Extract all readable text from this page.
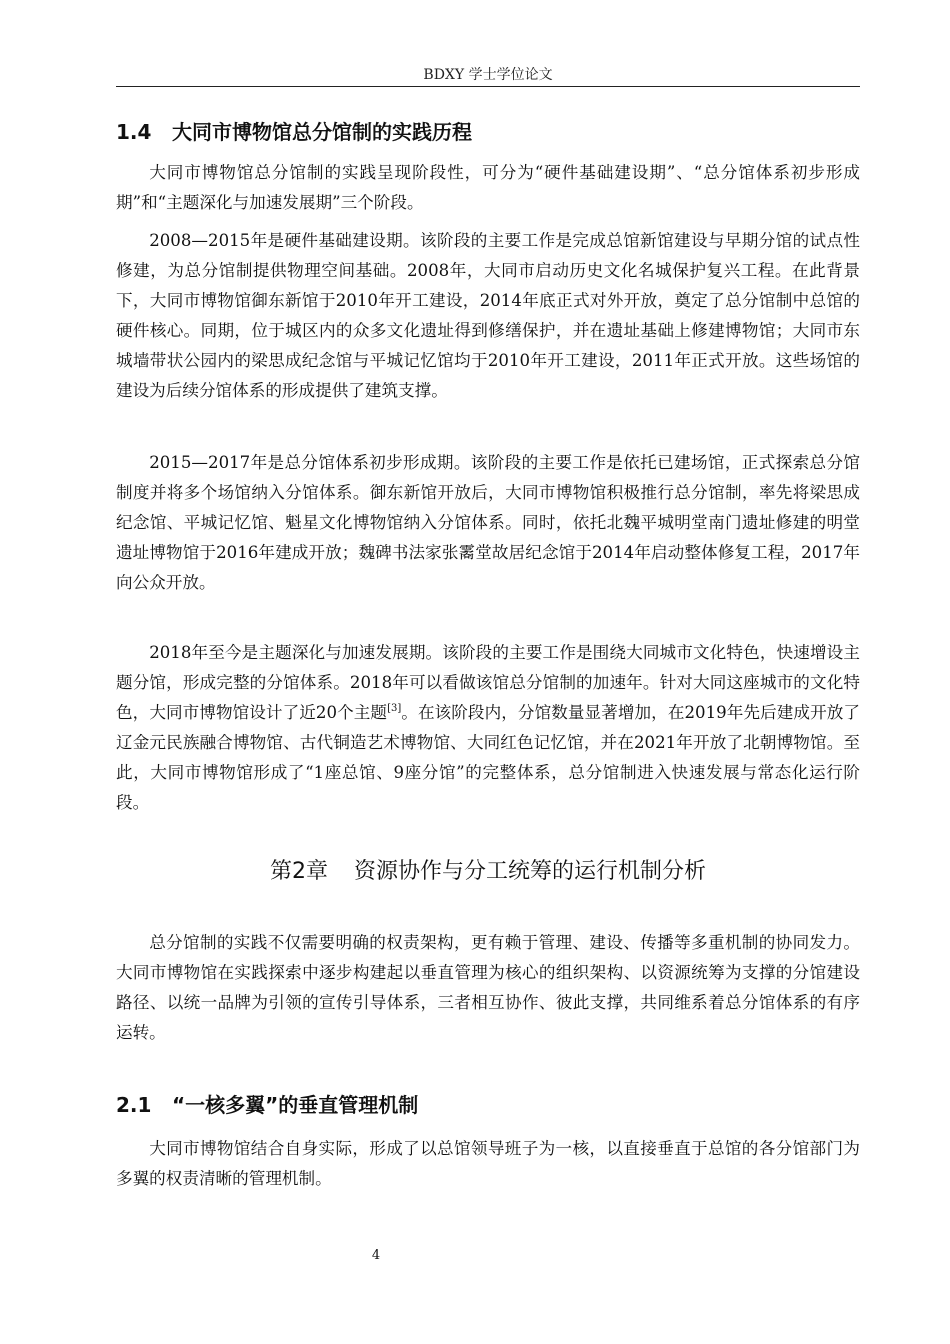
BDXY 学士学位论文
1.4 大同市博物馆总分馆制的实践历程

大同市博物馆总分馆制的实践呈现阶段性，可分为“硬件基础建设期”、“总分馆体系初步形成期”和“主题深化与加速发展期”三个阶段。

2008—2015年是硬件基础建设期。该阶段的主要工作是完成总馆新馆建设与早期分馆的试点性修建，为总分馆制提供物理空间基础。2008年，大同市启动历史文化名城保护复兴工程。在此背景下，大同市博物馆御东新馆于2010年开工建设，2014年底正式对外开放，奠定了总分馆制中总馆的硬件核心。同期，位于城区内的众多文化遗址得到修缮保护，并在遗址基础上修建博物馆；大同市东城墙带状公园内的梁思成纪念馆与平城记忆馆均于2010年开工建设，2011年正式开放。这些场馆的建设为后续分馆体系的形成提供了建筑支撑。

2015—2017年是总分馆体系初步形成期。该阶段的主要工作是依托已建场馆，正式探索总分馆制度并将多个场馆纳入分馆体系。御东新馆开放后，大同市博物馆积极推行总分馆制，率先将梁思成纪念馆、平城记忆馆、魁星文化博物馆纳入分馆体系。同时，依托北魏平城明堂南门遗址修建的明堂遗址博物馆于2016年建成开放；魏碑书法家张霱堂故居纪念馆于2014年启动整体修复工程，2017年向公众开放。

2018年至今是主题深化与加速发展期。该阶段的主要工作是围绕大同城市文化特色，快速增设主题分馆，形成完整的分馆体系。2018年可以看做该馆总分馆制的加速年。针对大同这座城市的文化特色，大同市博物馆设计了近20个主题[3]。在该阶段内，分馆数量显著增加，在2019年先后建成开放了辽金元民族融合博物馆、古代铜造艺术博物馆、大同红色记忆馆，并在2021年开放了北朝博物馆。至此，大同市博物馆形成了“1座总馆、9座分馆”的完整体系，总分馆制进入快速发展与常态化运行阶段。

第2章 资源协作与分工统筹的运行机制分析

总分馆制的实践不仅需要明确的权责架构，更有赖于管理、建设、传播等多重机制的协同发力。大同市博物馆在实践探索中逐步构建起以垂直管理为核心的组织架构、以资源统筹为支撑的分馆建设路径、以统一品牌为引领的宣传引导体系，三者相互协作、彼此支撑，共同维系着总分馆体系的有序运转。

2.1 “一核多翼”的垂直管理机制

大同市博物馆结合自身实际，形成了以总馆领导班子为一核，以直接垂直于总馆的各分馆部门为多翼的权责清晰的管理机制。

4
